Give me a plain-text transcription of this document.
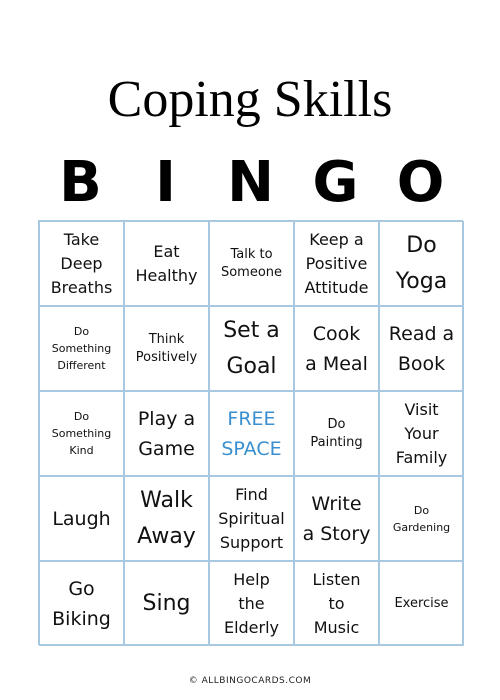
Coping Skills
B I N G O
Take
Deep
Breaths
Eat
Healthy
Talk to
Someone
Keep a
Positive
Attitude
Do
Yoga
Do
Something
Different
Think
Positively
Set a
Goal
Cook
a Meal
Read a
Book
Do
Something
Kind
Play a
Game
FREE
SPACE
Do
Painting
Visit
Your
Family
Laugh
Walk
Away
Find
Spiritual
Support
Write
a Story
Do
Gardening
Go
Biking
Sing
Help
the
Elderly
Listen
to
Music
Exercise
© ALLBINGOCARDS.COM
